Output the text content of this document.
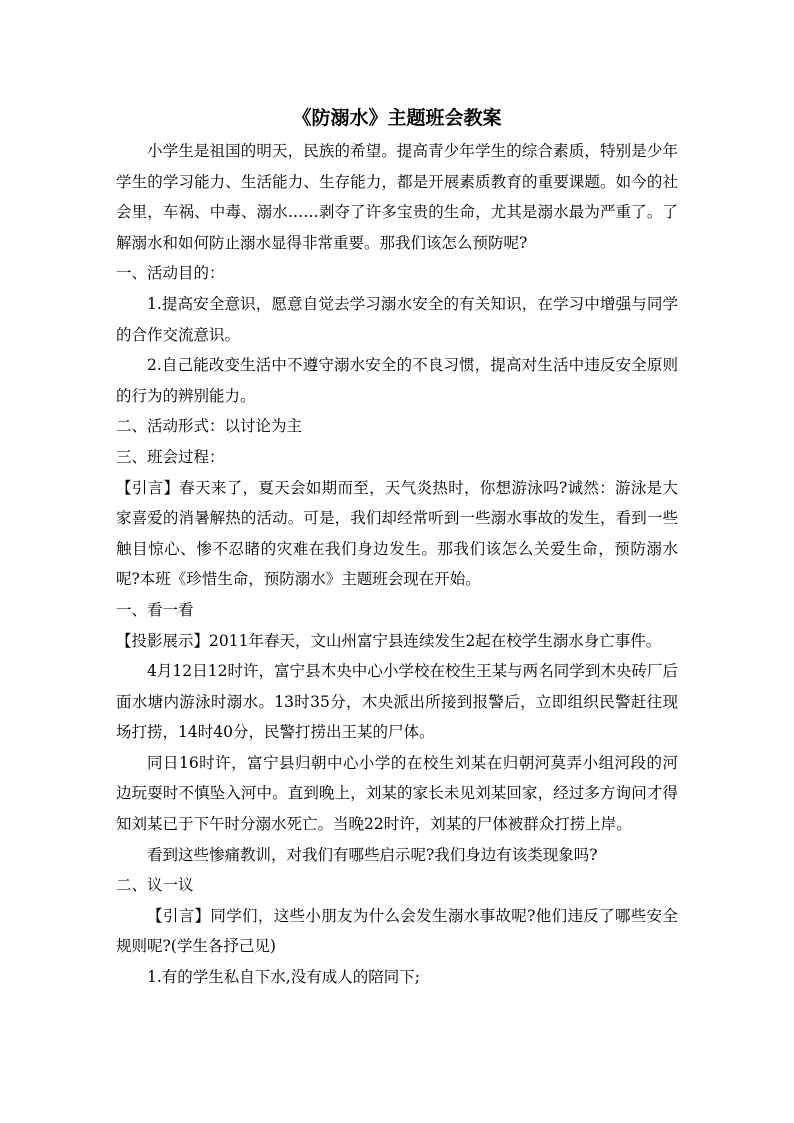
《防溺水》主题班会教案

小学生是祖国的明天，民族的希望。提高青少年学生的综合素质，特别是少年学生的学习能力、生活能力、生存能力，都是开展素质教育的重要课题。如今的社会里，车祸、中毒、溺水……剥夺了许多宝贵的生命，尤其是溺水最为严重了。了解溺水和如何防止溺水显得非常重要。那我们该怎么预防呢?

一、活动目的：

1.提高安全意识，愿意自觉去学习溺水安全的有关知识，在学习中增强与同学的合作交流意识。

2.自己能改变生活中不遵守溺水安全的不良习惯，提高对生活中违反安全原则的行为的辨别能力。

二、活动形式：以讨论为主

三、班会过程：

【引言】春天来了，夏天会如期而至，天气炎热时，你想游泳吗?诚然：游泳是大家喜爱的消暑解热的活动。可是，我们却经常听到一些溺水事故的发生，看到一些触目惊心、惨不忍睹的灾难在我们身边发生。那我们该怎么关爱生命，预防溺水呢?本班《珍惜生命，预防溺水》主题班会现在开始。

一、看一看

【投影展示】2011年春天，文山州富宁县连续发生2起在校学生溺水身亡事件。

4月12日12时许，富宁县木央中心小学校在校生王某与两名同学到木央砖厂后面水塘内游泳时溺水。13时35分，木央派出所接到报警后，立即组织民警赶往现场打捞，14时40分，民警打捞出王某的尸体。

同日16时许，富宁县归朝中心小学的在校生刘某在归朝河莫弄小组河段的河边玩耍时不慎坠入河中。直到晚上，刘某的家长未见刘某回家，经过多方询问才得知刘某已于下午时分溺水死亡。当晚22时许，刘某的尸体被群众打捞上岸。

看到这些惨痛教训，对我们有哪些启示呢?我们身边有该类现象吗?

二、议一议

【引言】同学们，这些小朋友为什么会发生溺水事故呢?他们违反了哪些安全规则呢?(学生各抒己见)

1.有的学生私自下水,没有成人的陪同下;
